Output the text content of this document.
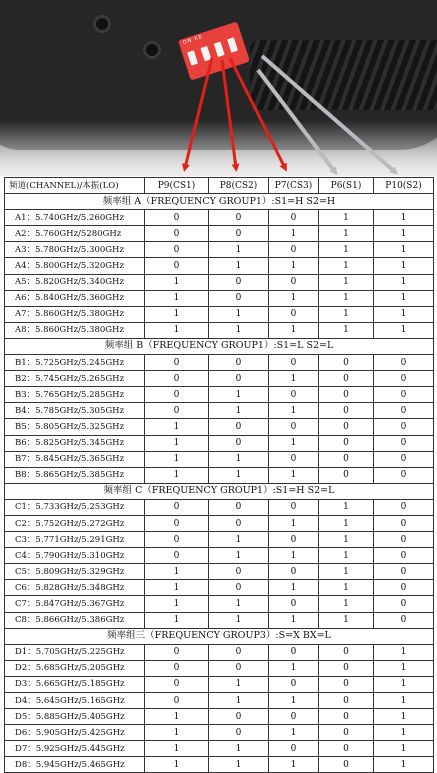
ON KE
频道(CHANNEL)/本振(LO)	P9(CS1)	P8(CS2)	P7(CS3)	P6(S1)	P10(S2)
频率组 A（FREQUENCY GROUP1）:S1=H S2=H					
A1：5.740GHz/5.260GHz	0	0	0	1	1
A2：5.760GHz/5280GHz	0	0	1	1	1
A3：5.780GHz/5.300GHz	0	1	0	1	1
A4：5.800GHz/5.320GHz	0	1	1	1	1
A5：5.820GHz/5.340GHz	1	0	0	1	1
A6：5.840GHz/5.360GHz	1	0	1	1	1
A7：5.860GHz/5.380GHz	1	1	0	1	1
A8：5.860GHz/5.380GHz	1	1	1	1	1
频率组 B（FREQUENCY GROUP1）:S1=L S2=L					
B1：5.725GHz/5.245GHz	0	0	0	0	0
B2：5.745GHz/5.265GHz	0	0	1	0	0
B3：5.765GHz/5.285GHz	0	1	0	0	0
B4：5.785GHz/5.305GHz	0	1	1	0	0
B5：5.805GHz/5.325GHz	1	0	0	0	0
B6：5.825GHz/5.345GHz	1	0	1	0	0
B7：5.845GHz/5.365GHz	1	1	0	0	0
B8：5.865GHz/5.385GHz	1	1	1	0	0
频率组 C（FREQUENCY GROUP1）:S1=H S2=L					
C1：5.733GHz/5.253GHz	0	0	0	1	0
C2：5.752GHz/5.272GHz	0	0	1	1	0
C3：5.771GHz/5.291GHz	0	1	0	1	0
C4：5.790GHz/5.310GHz	0	1	1	1	0
C5：5.809GHz/5.329GHz	1	0	0	1	0
C6：5.828GHz/5.348GHz	1	0	1	1	0
C7：5.847GHz/5.367GHz	1	1	0	1	0
C8：5.866GHz/5.386GHz	1	1	1	1	0
频率组三（FREQUENCY GROUP3）:S=X BX=L					
D1：5.705GHz/5.225GHz	0	0	0	0	1
D2：5.685GHz/5.205GHz	0	0	1	0	1
D3：5.665GHz/5.185GHz	0	1	0	0	1
D4：5.645GHz/5.165GHz	0	1	1	0	1
D5：5.885GHz/5.405GHz	1	0	0	0	1
D6：5.905GHz/5.425GHz	1	0	1	0	1
D7：5.925GHz/5.445GHz	1	1	0	0	1
D8：5.945GHz/5.465GHz	1	1	1	0	1
